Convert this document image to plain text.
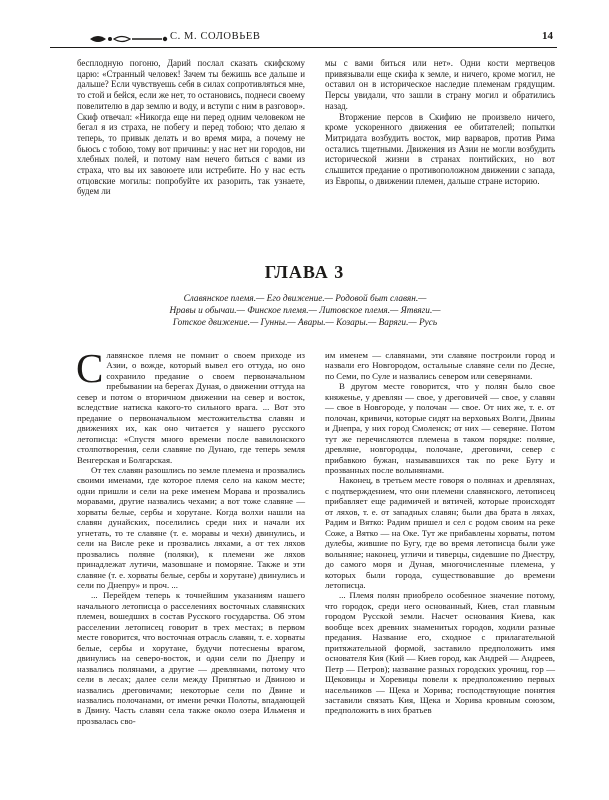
С. М. СОЛОВЬЕВ	14

бесплодную погоню, Дарий послал сказать скифскому царю: «Странный человек! Зачем ты бежишь все дальше и дальше? Если чувствуешь себя в силах сопротивляться мне, то стой и бейся, если же нет, то остановись, поднеси своему повелителю в дар землю и воду, и вступи с ним в разговор». Скиф отвечал: «Никогда еще ни перед одним человеком не бегал я из страха, не побегу и перед тобою; что делаю я теперь, то привык делать и во время мира, а почему не бьюсь с тобою, тому вот причины: у нас нет ни городов, ни хлебных полей, и потому нам нечего биться с вами из страха, что вы их завоюете или истребите. Но у нас есть отцовские могилы: попробуйте их разорить, так узнаете, будем ли

мы с вами биться или нет». Одни кости мертвецов привязывали еще скифа к земле, и ничего, кроме могил, не оставил он в историческое наследие племенам грядущим. Персы увидали, что зашли в страну могил и обратились назад.

Вторжение персов в Скифию не произвело ничего, кроме ускоренного движения ее обитателей; попытки Митридата возбудить восток, мир варваров, против Рима остались тщетными. Движения из Азии не могли возбудить исторической жизни в странах понтийских, но вот слышится предание о противоположном движении с запада, из Европы, о движении племен, дальше стране историю.

ГЛАВА 3
Славянское племя.— Его движение.— Родовой быт славян.—
Нравы и обычаи.— Финское племя.— Литовское племя.— Ятвяги.—
Готское движение.— Гунны.— Авары.— Козары.— Варяги.— Русь

Славянское племя не помнит о своем приходе из Азии, о вожде, который вывел его оттуда, но оно сохранило предание о своем первоначальном пребывании на берегах Дуная, о движении оттуда на север и потом о вторичном движении на север и восток, вследствие натиска какого-то сильного врага. ... Вот это предание о первоначальном местожительства славян и движениях их, как оно читается у нашего русского летописца: «Спустя много времени после вавилонского столпотворения, сели славяне по Дунаю, где теперь земля Венгерская и Болгарская.

От тех славян разошлись по земле племена и прозвались своими именами, где которое племя село на каком месте; одни пришли и сели на реке именем Морава и прозвались моравами, другие назвались чехами; а вот тоже славяне — хорваты белые, сербы и хорутане. Когда волхи нашли на славян дунайских, поселились среди них и начали их угнетать, то те славяне (т. е. моравы и чехи) двинулись, и сели на Висле реке и прозвались ляхами, а от тех ляхов прозвались поляне (поляки), к племени же ляхов принадлежат лутичи, мазовшане и поморяне. Также и эти славяне (т. е. хорваты белые, сербы и хорутане) двинулись и сели по Днепру» и проч. ...

... Перейдем теперь к точнейшим указаниям нашего начального летописца о расселениях восточных славянских племен, вошедших в состав Русского государства. Об этом расселении летописец говорит в трех местах; в первом месте говорится, что восточная отрасль славян, т. е. хорваты белые, сербы и хорутане, будучи потеснены врагом, двинулись на северо-восток, и одни сели по Днепру и назвались полянами, а другие — древлянами, потому что сели в лесах; далее сели между Припятью и Двиною и назвались дреговичами; некоторые сели по Двине и назвались полочанами, от имени речки Полоты, впадающей в Двину. Часть славян села также около озера Ильменя и прозвалась сво-

им именем — славянами, эти славяне построили город и назвали его Новгородом, остальные славяне сели по Десне, по Семи, по Суле и назвались севером или северянами.

В другом месте говорится, что у полян было свое княженье, у древлян — свое, у дреговичей — свое, у славян — свое в Новгороде, у полочан — свое. От них же, т. е. от полочан, кривичи, которые сидят на верховьях Волги, Двины и Днепра, у них город Смоленск; от них — северяне. Потом тут же перечисляются племена в таком порядке: поляне, древляне, новгородцы, полочане, дреговичи, север с прибавкою бужан, называвшихся так по реке Бугу и прозванных после волынянами.

Наконец, в третьем месте говоря о полянах и древлянах, с подтверждением, что они племени славянского, летописец прибавляет еще радимичей и вятичей, которые происходят от ляхов, т. е. от западных славян; были два брата в ляхах, Радим и Вятко: Радим пришел и сел с родом своим на реке Соже, а Вятко — на Оке. Тут же прибавлены хорваты, потом дулебы, жившие по Бугу, где во время летописца были уже волыняне; наконец, угличи и тиверцы, сидевшие по Днестру, до самого моря и Дуная, многочисленные племена, у которых были города, существовавшие до времени летописца.

... Племя полян приобрело особенное значение потому, что городок, среди него основанный, Киев, стал главным городом Русской земли. Насчет основания Киева, как вообще всех древних знаменитых городов, ходили разные предания. Название его, сходное с прилагательной притяжательной формой, заставило предположить имя основателя Кия (Кий — Киев город, как Андрей — Андреев, Петр — Петров); название разных городских урочищ, гор — Щековицы и Хоревицы повели к предположению первых насельников — Щека и Хорива; господствующие понятия заставили связать Кия, Щека и Хорива кровным союзом, предположить в них братьев
